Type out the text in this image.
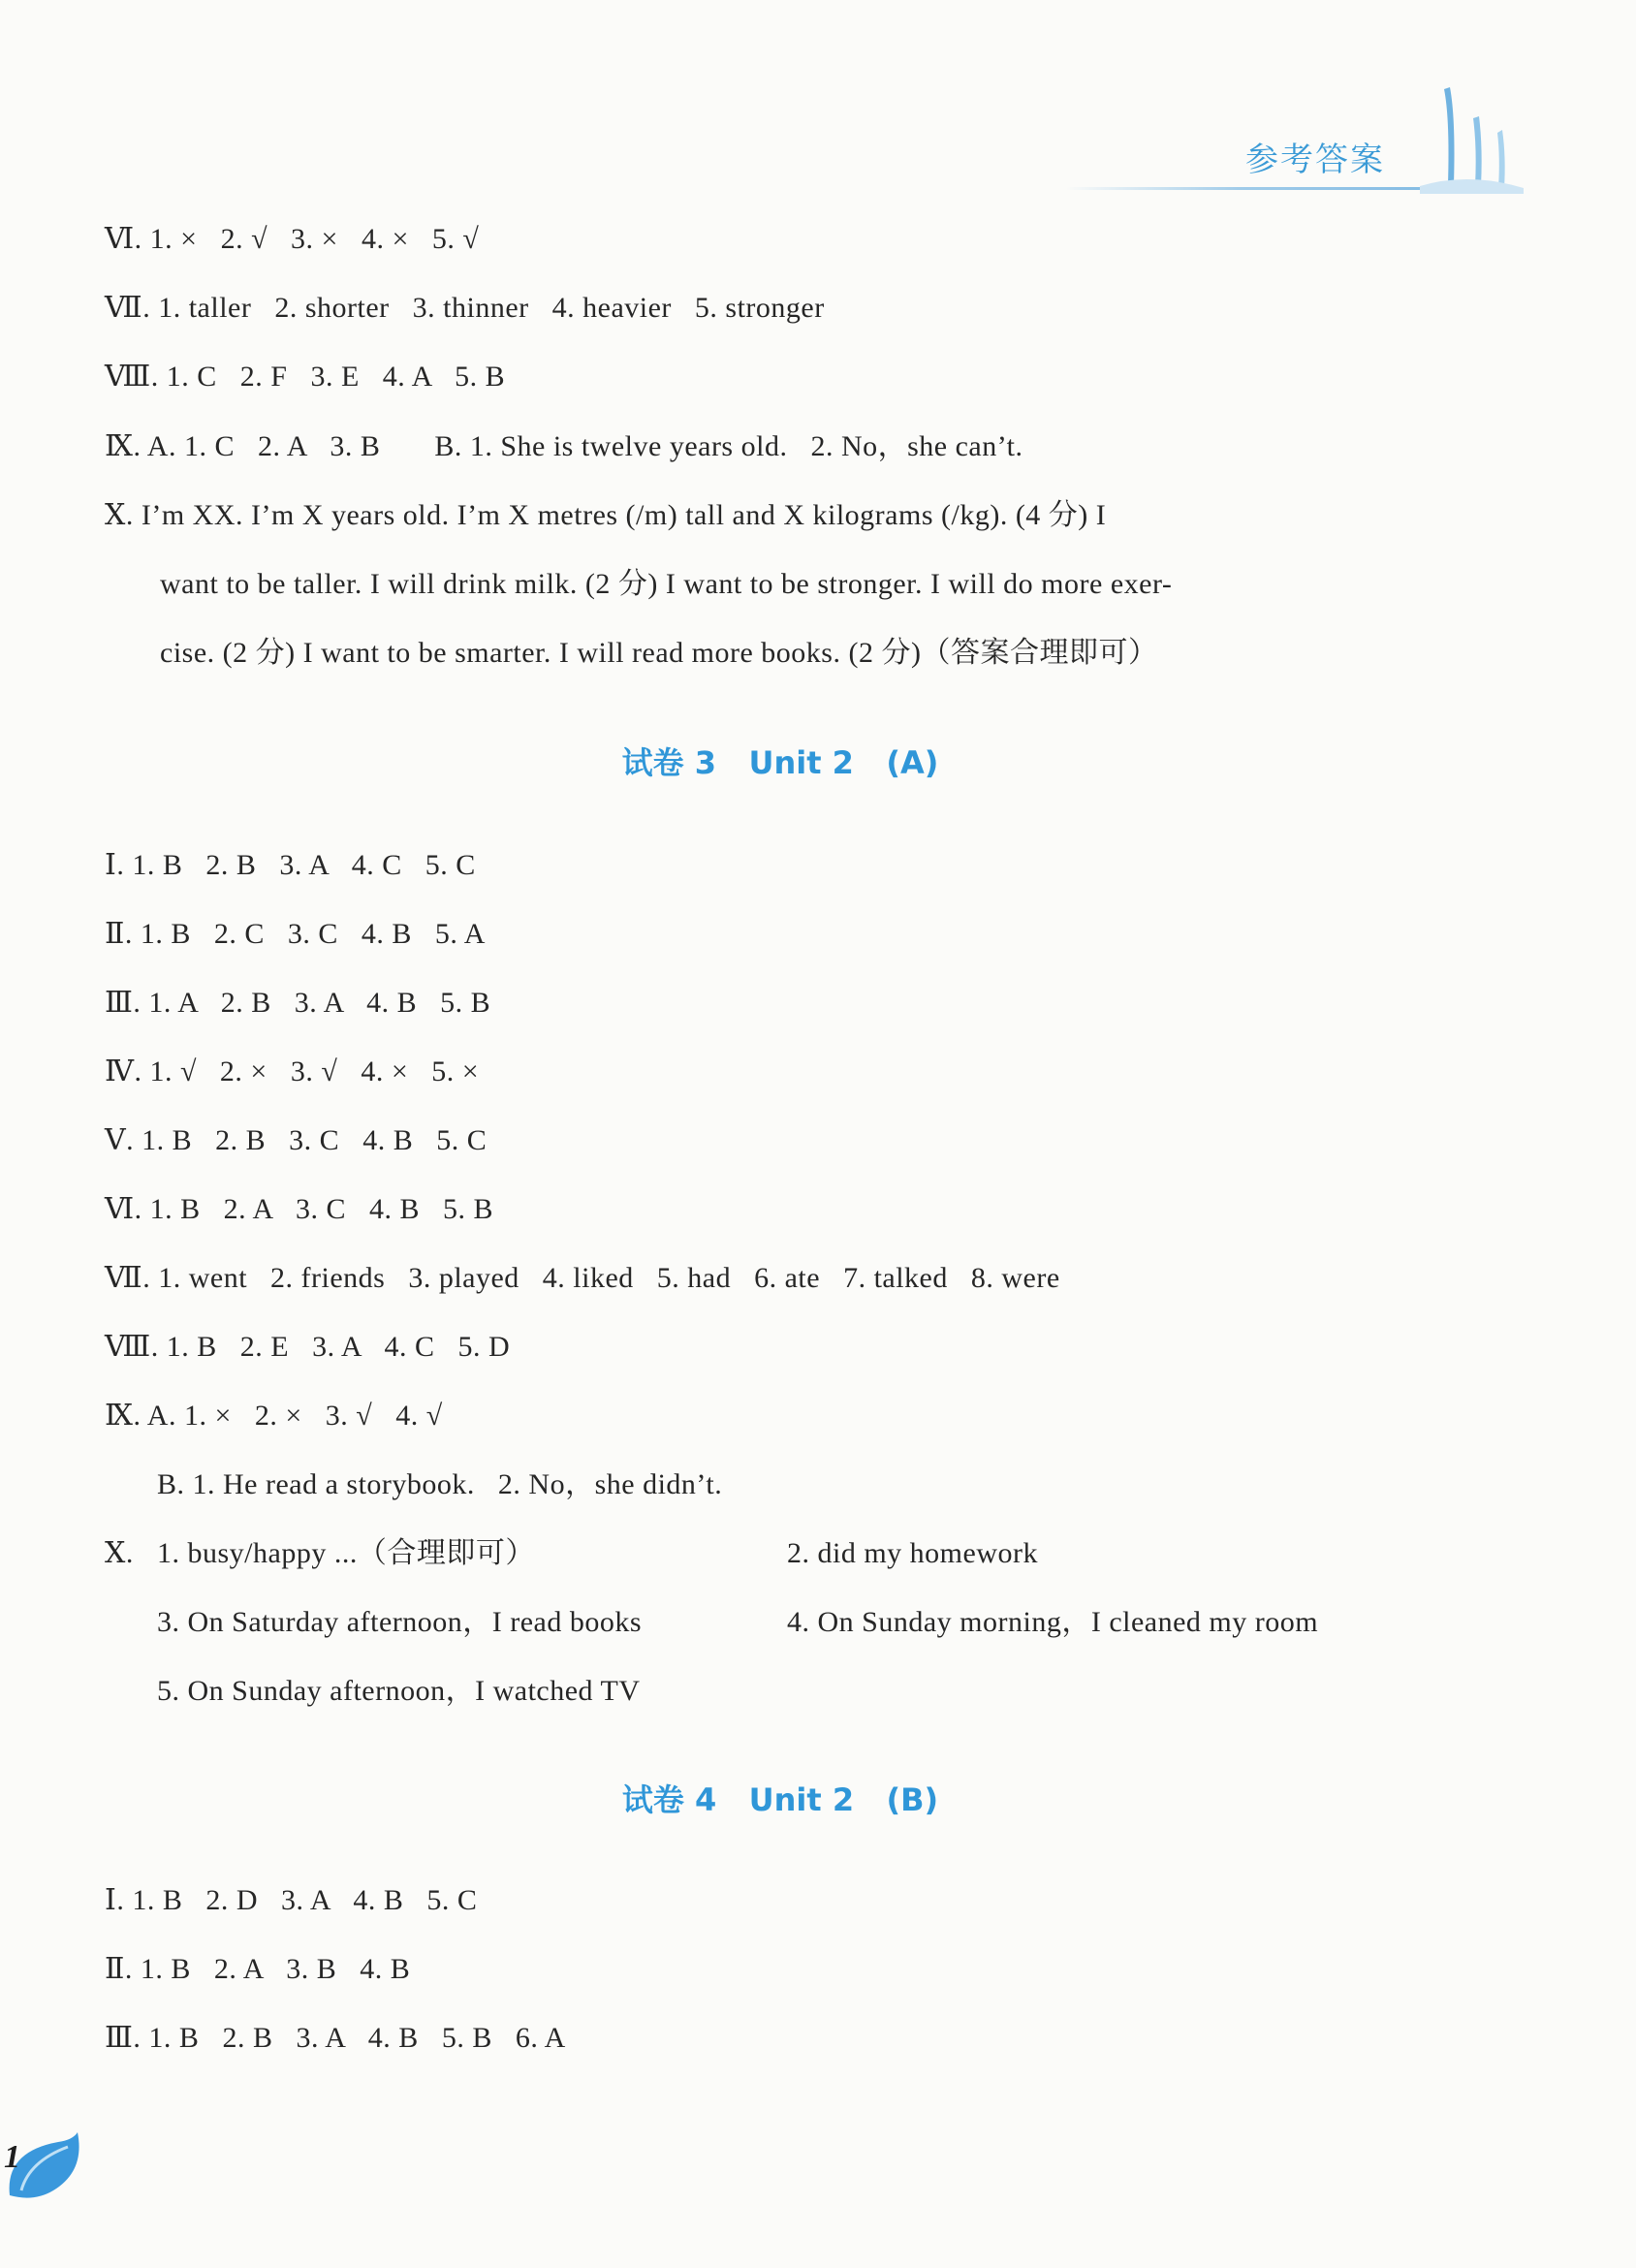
参考答案
Ⅵ. 1. ×   2. √   3. ×   4. ×   5. √
Ⅶ. 1. taller   2. shorter   3. thinner   4. heavier   5. stronger
Ⅷ. 1. C   2. F   3. E   4. A   5. B
Ⅸ. A. 1. C   2. A   3. B       B. 1. She is twelve years old.   2. No，she can’t.
Ⅹ. I’m XX. I’m X years old. I’m X metres (/m) tall and X kilograms (/kg). (4 分) I
want to be taller. I will drink milk. (2 分) I want to be stronger. I will do more exer-
cise. (2 分) I want to be smarter. I will read more books. (2 分)（答案合理即可）
试卷 3   Unit 2   (A)
Ⅰ. 1. B   2. B   3. A   4. C   5. C
Ⅱ. 1. B   2. C   3. C   4. B   5. A
Ⅲ. 1. A   2. B   3. A   4. B   5. B
Ⅳ. 1. √   2. ×   3. √   4. ×   5. ×
Ⅴ. 1. B   2. B   3. C   4. B   5. C
Ⅵ. 1. B   2. A   3. C   4. B   5. B
Ⅶ. 1. went   2. friends   3. played   4. liked   5. had   6. ate   7. talked   8. were
Ⅷ. 1. B   2. E   3. A   4. C   5. D
Ⅸ. A. 1. ×   2. ×   3. √   4. √
B. 1. He read a storybook.   2. No，she didn’t.
Ⅹ. 1. busy/happy ...（合理即可）	2. did my homework
3. On Saturday afternoon，I read books	4. On Sunday morning，I cleaned my room
5. On Sunday afternoon，I watched TV
试卷 4   Unit 2   (B)
Ⅰ. 1. B   2. D   3. A   4. B   5. C
Ⅱ. 1. B   2. A   3. B   4. B
Ⅲ. 1. B   2. B   3. A   4. B   5. B   6. A
1
